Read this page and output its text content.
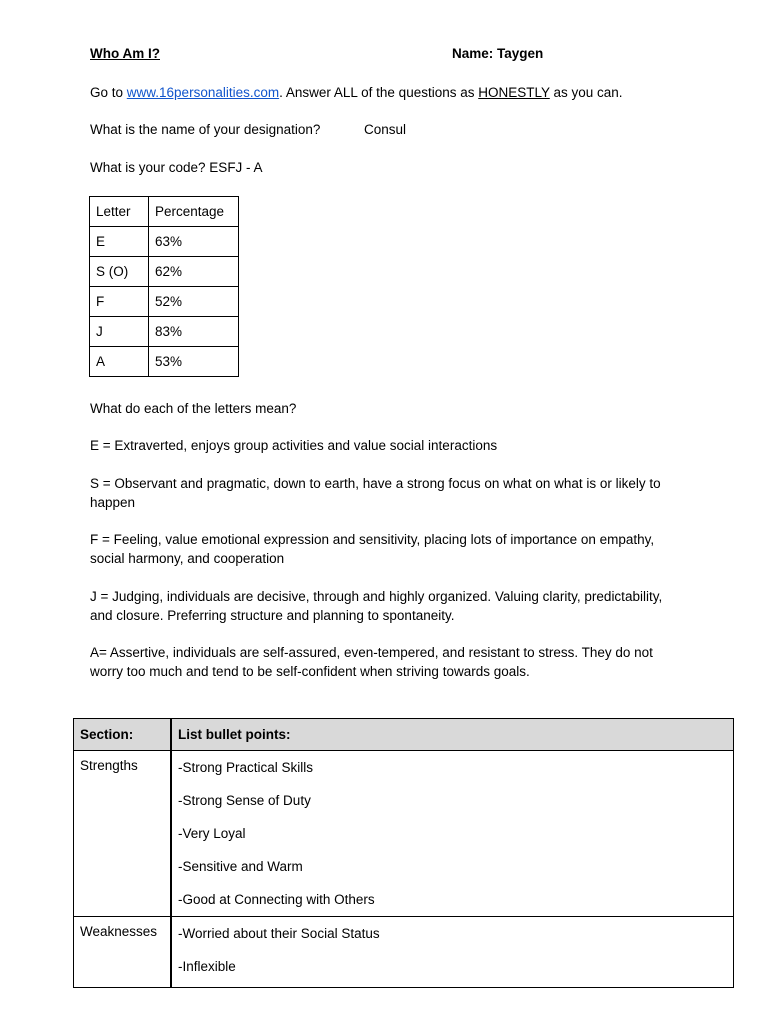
Who Am I?	Name: Taygen
Go to www.16personalities.com. Answer ALL of the questions as HONESTLY as you can.
What is the name of your designation?	Consul
What is your code? ESFJ - A
Letter	Percentage
E	63%
S (O)	62%
F	52%
J	83%
A	53%
What do each of the letters mean?
E = Extraverted, enjoys group activities and value social interactions
S = Observant and pragmatic, down to earth, have a strong focus on what on what is or likely to happen
F = Feeling, value emotional expression and sensitivity, placing lots of importance on empathy, social harmony, and cooperation
J = Judging, individuals are decisive, through and highly organized. Valuing clarity, predictability, and closure. Preferring structure and planning to spontaneity.
A= Assertive, individuals are self-assured, even-tempered, and resistant to stress. They do not worry too much and tend to be self-confident when striving towards goals.
Section:	List bullet points:
Strengths	-Strong Practical Skills
-Strong Sense of Duty
-Very Loyal
-Sensitive and Warm
-Good at Connecting with Others

Weaknesses	-Worried about their Social Status
-Inflexible
